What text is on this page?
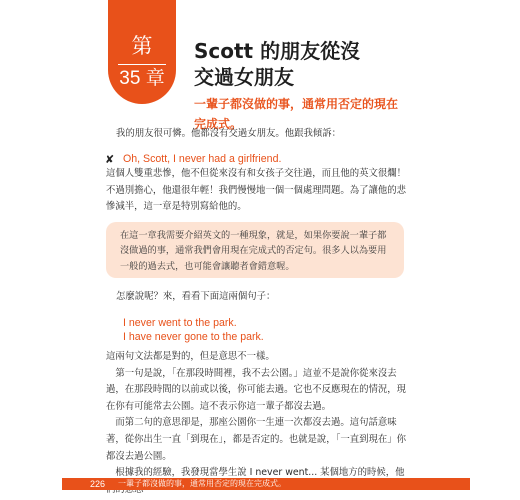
第
35 章
Scott 的朋友從沒
交過女朋友
一輩子都沒做的事，通常用否定的現在完成式。

我的朋友很可憐。他都沒有交過女朋友。他跟我傾訴：

✘ Oh, Scott, I never had a girlfriend.

這個人雙重悲慘，他不但從來沒有和女孩子交往過，而且他的英文很爛！不過別擔心，他還很年輕！我們慢慢地一個一個處理問題。為了讓他的悲慘減半，這一章是特別寫給他的。

在這一章我需要介紹英文的一種現象，就是，如果你要說一輩子都沒做過的事，通常我們會用現在完成式的否定句。很多人以為要用一般的過去式，也可能會讓聽者會錯意喔。

怎麼說呢？來，看看下面這兩個句子：

I never went to the park.
I have never gone to the park.

這兩句文法都是對的，但是意思不一樣。
　第一句是說，「在那段時間裡，我不去公園。」這並不是說你從來沒去過，在那段時間的以前或以後，你可能去過。它也不反應現在的情況，現在你有可能常去公園。這不表示你這一輩子都沒去過。
　而第二句的意思卻是，那座公園你一生連一次都沒去過。這句話意味著，從你出生一直「到現在」，都是否定的。也就是說，「一直到現在」你都沒去過公園。
　根據我的經驗，我發現當學生說 I never went... 某個地方的時候，他

226 一輩子都沒做的事，通常用否定的現在完成式。
